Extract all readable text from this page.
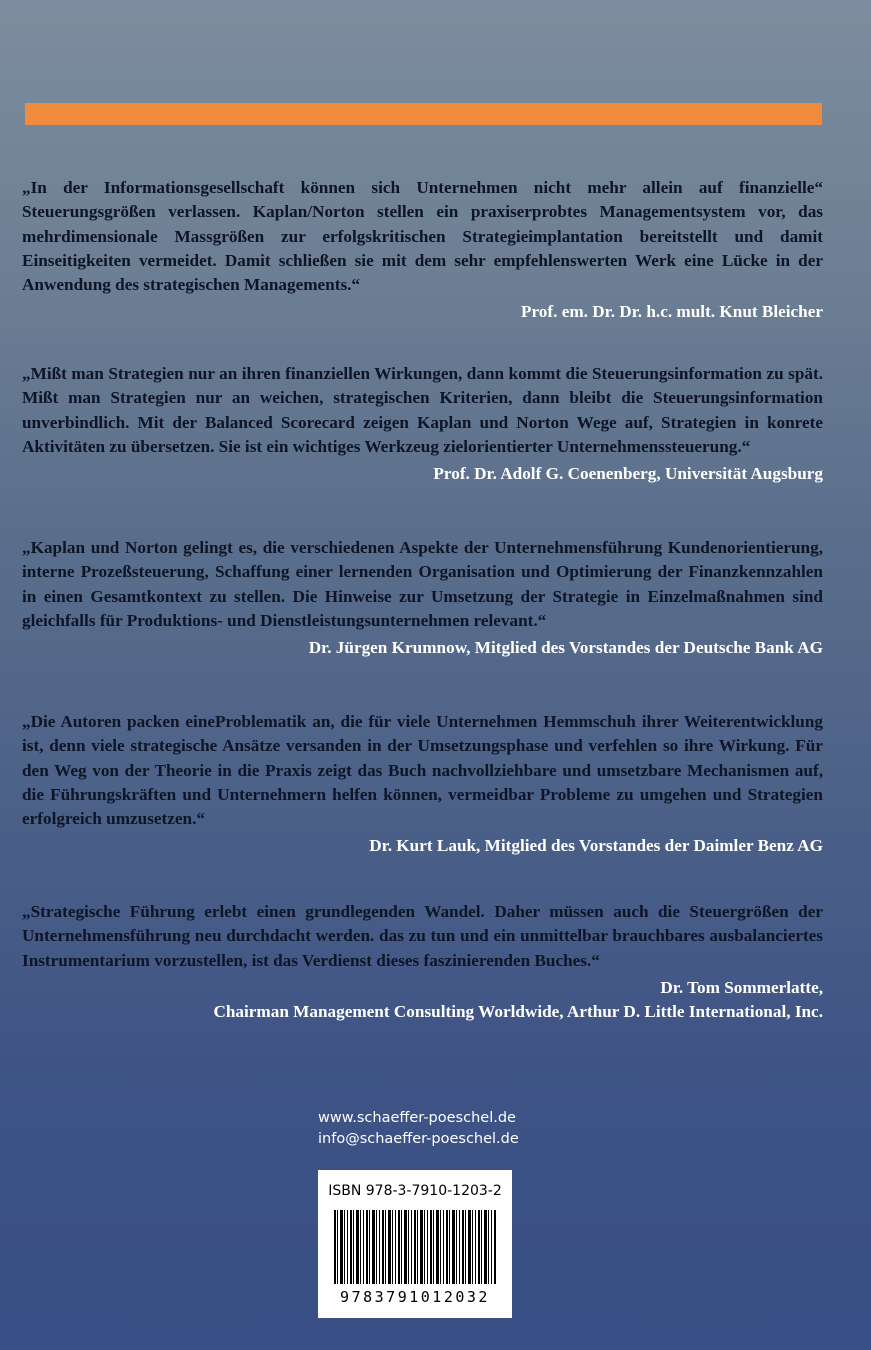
„In der Informationsgesellschaft können sich Unternehmen nicht mehr allein auf finanzielle“ Steuerungsgrößen verlassen. Kaplan/Norton stellen ein praxiserprobtes Managementsystem vor, das mehrdimensionale Massgrößen zur erfolgskritischen Strategieimplantation bereitstellt und damit Einseitigkeiten vermeidet. Damit schließen sie mit dem sehr empfehlenswerten Werk eine Lücke in der Anwendung des strategischen Managements.“

Prof. em. Dr. Dr. h.c. mult. Knut Bleicher

„Mißt man Strategien nur an ihren finanziellen Wirkungen, dann kommt die Steuerungsinformation zu spät. Mißt man Strategien nur an weichen, strategischen Kriterien, dann bleibt die Steuerungsinformation unverbindlich. Mit der Balanced Scorecard zeigen Kaplan und Norton Wege auf, Strategien in konrete Aktivitäten zu übersetzen. Sie ist ein wichtiges Werkzeug zielorientierter Unternehmenssteuerung.“

Prof. Dr. Adolf G. Coenenberg, Universität Augsburg

„Kaplan und Norton gelingt es, die verschiedenen Aspekte der Unternehmensführung Kundenorientierung, interne Prozeßsteuerung, Schaffung einer lernenden Organisation und Optimierung der Finanzkennzahlen in einen Gesamtkontext zu stellen. Die Hinweise zur Umsetzung der Strategie in Einzelmaßnahmen sind gleichfalls für Produktions- und Dienstleistungsunternehmen relevant.“

Dr. Jürgen Krumnow, Mitglied des Vorstandes der Deutsche Bank AG

„Die Autoren packen eineProblematik an, die für viele Unternehmen Hemmschuh ihrer Weiterentwicklung ist, denn viele strategische Ansätze versanden in der Umsetzungsphase und verfehlen so ihre Wirkung. Für den Weg von der Theorie in die Praxis zeigt das Buch nachvollziehbare und umsetzbare Mechanismen auf, die Führungskräften und Unternehmern helfen können, vermeidbar Probleme zu umgehen und Strategien erfolgreich umzusetzen.“

Dr. Kurt Lauk, Mitglied des Vorstandes der Daimler Benz AG

„Strategische Führung erlebt einen grundlegenden Wandel. Daher müssen auch die Steuergrößen der Unternehmensführung neu durchdacht werden. das zu tun und ein unmittelbar brauchbares ausbalanciertes Instrumentarium vorzustellen, ist das Verdienst dieses faszinierenden Buches.“

Dr. Tom Sommerlatte,
Chairman Management Consulting Worldwide, Arthur D. Little International, Inc.

www.schaeffer-poeschel.de
info@schaeffer-poeschel.de
ISBN 978-3-7910-1203-2
9783791012032
